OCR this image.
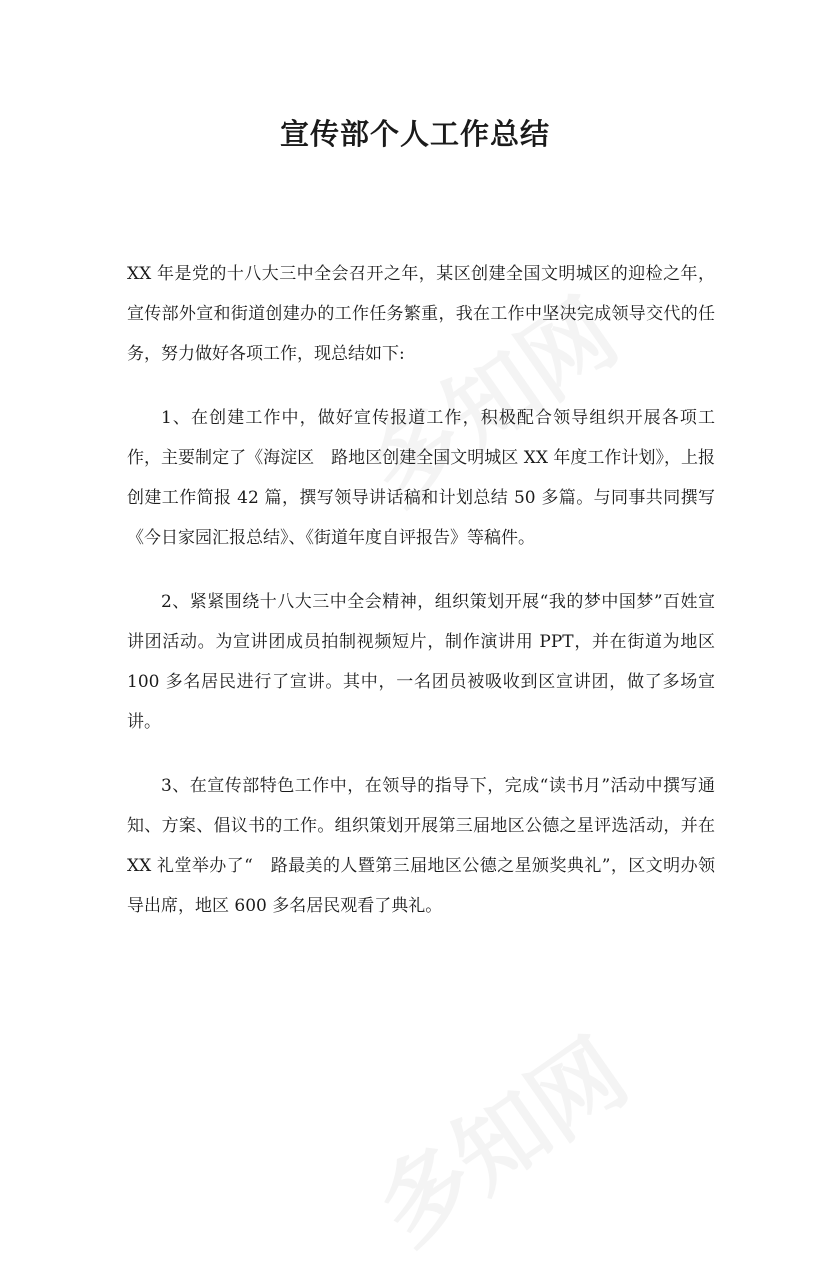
宣传部个人工作总结

XX 年是党的十八大三中全会召开之年，某区创建全国文明城区的迎检之年，宣传部外宣和街道创建办的工作任务繁重，我在工作中坚决完成领导交代的任务，努力做好各项工作，现总结如下:

1、在创建工作中，做好宣传报道工作，积极配合领导组织开展各项工作，主要制定了《海淀区　路地区创建全国文明城区 XX 年度工作计划》，上报创建工作简报 42 篇，撰写领导讲话稿和计划总结 50 多篇。与同事共同撰写《今日家园汇报总结》、《街道年度自评报告》等稿件。

2、紧紧围绕十八大三中全会精神，组织策划开展“我的梦中国梦”百姓宣讲团活动。为宣讲团成员拍制视频短片，制作演讲用 PPT，并在街道为地区 100 多名居民进行了宣讲。其中，一名团员被吸收到区宣讲团，做了多场宣讲。

3、在宣传部特色工作中，在领导的指导下，完成“读书月”活动中撰写通知、方案、倡议书的工作。组织策划开展第三届地区公德之星评选活动，并在 XX 礼堂举办了“　路最美的人暨第三届地区公德之星颁奖典礼”，区文明办领导出席，地区 600 多名居民观看了典礼。
